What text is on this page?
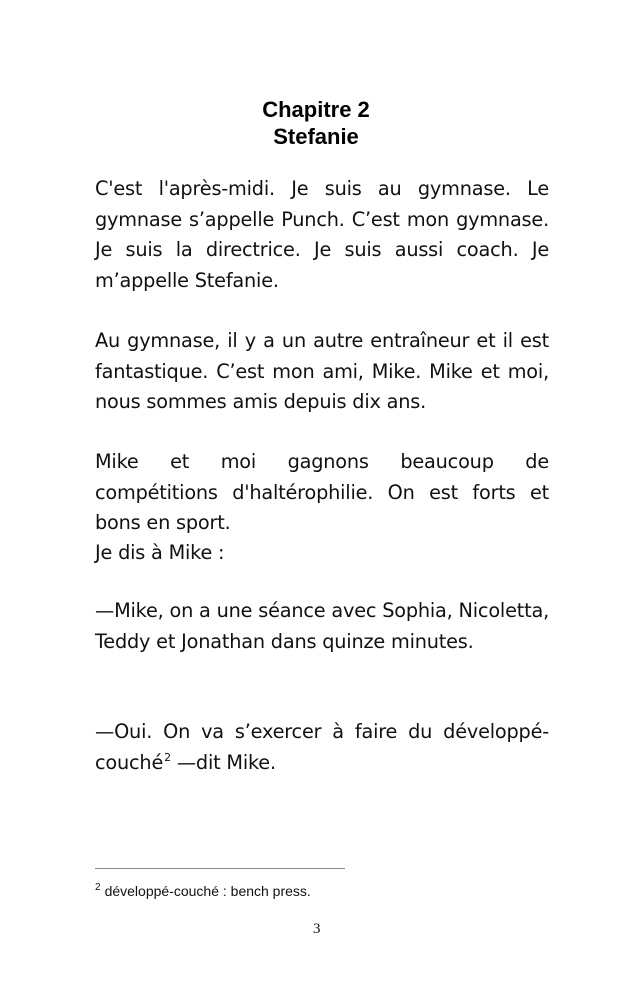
Chapitre 2
Stefanie

C'est l'après-midi. Je suis au gymnase. Le gymnase s’appelle Punch. C’est mon gymnase. Je suis la directrice. Je suis aussi coach. Je m’appelle Stefanie.

Au gymnase, il y a un autre entraîneur et il est fantastique. C’est mon ami, Mike. Mike et moi, nous sommes amis depuis dix ans.

Mike et moi gagnons beaucoup de compétitions d'haltérophilie. On est forts et bons en sport.

Je dis à Mike :

—Mike, on a une séance avec Sophia, Nicoletta, Teddy et Jonathan dans quinze minutes.

—Oui. On va s’exercer à faire du développé-couché$^2$ —dit Mike.

$^2$ développé-couché : bench press.
3
